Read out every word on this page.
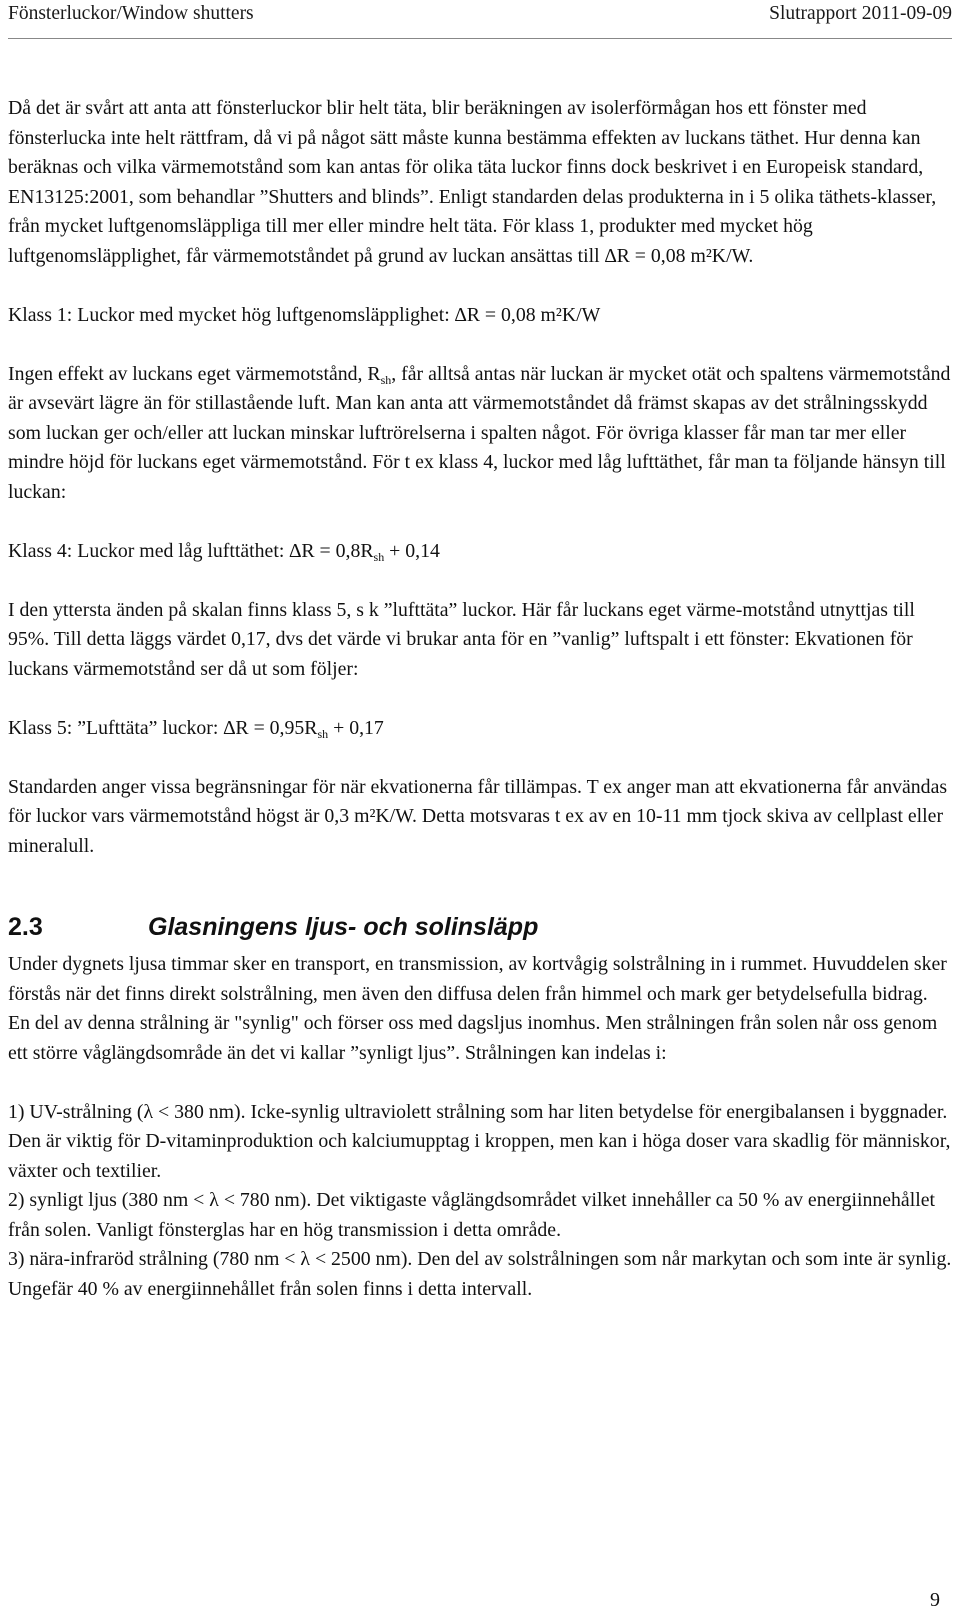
Fönsterluckor/Window shutters	Slutrapport 2011-09-09

Då det är svårt att anta att fönsterluckor blir helt täta, blir beräkningen av isolerförmågan hos ett fönster med fönsterlucka inte helt rättfram, då vi på något sätt måste kunna bestämma effekten av luckans täthet. Hur denna kan beräknas och vilka värmemotstånd som kan antas för olika täta luckor finns dock beskrivet i en Europeisk standard, EN13125:2001, som behandlar ”Shutters and blinds”. Enligt standarden delas produkterna in i 5 olika täthets-klasser, från mycket luftgenomsläppliga till mer eller mindre helt täta. För klass 1, produkter med mycket hög luftgenomsläpplighet, får värmemotståndet på grund av luckan ansättas till ∆R = 0,08 m²K/W.

Klass 1: Luckor med mycket hög luftgenomsläpplighet: ∆R = 0,08 m²K/W

Ingen effekt av luckans eget värmemotstånd, $R_{sh}$, får alltså antas när luckan är mycket otät och spaltens värmemotstånd är avsevärt lägre än för stillastående luft. Man kan anta att värmemotståndet då främst skapas av det strålningsskydd som luckan ger och/eller att luckan minskar luftrörelserna i spalten något. För övriga klasser får man tar mer eller mindre höjd för luckans eget värmemotstånd. För t ex klass 4, luckor med låg lufttäthet, får man ta följande hänsyn till luckan:

Klass 4: Luckor med låg lufttäthet: $\Delta R = 0,8R_{sh} + 0,14$

I den yttersta änden på skalan finns klass 5, s k ”lufttäta” luckor. Här får luckans eget värme-motstånd utnyttjas till 95%. Till detta läggs värdet 0,17, dvs det värde vi brukar anta för en ”vanlig” luftspalt i ett fönster: Ekvationen för luckans värmemotstånd ser då ut som följer:

Klass 5: ”Lufttäta” luckor: $\Delta R = 0,95R_{sh} + 0,17$

Standarden anger vissa begränsningar för när ekvationerna får tillämpas. T ex anger man att ekvationerna får användas för luckor vars värmemotstånd högst är 0,3 m²K/W. Detta motsvaras t ex av en 10-11 mm tjock skiva av cellplast eller mineralull.

2.3	Glasningens ljus- och solinsläpp

Under dygnets ljusa timmar sker en transport, en transmission, av kortvågig solstrålning in i rummet. Huvuddelen sker förstås när det finns direkt solstrålning, men även den diffusa delen från himmel och mark ger betydelsefulla bidrag. En del av denna strålning är "synlig" och förser oss med dagsljus inomhus. Men strålningen från solen når oss genom ett större våglängdsområde än det vi kallar ”synligt ljus”. Strålningen kan indelas i:

1) UV-strålning (λ < 380 nm). Icke-synlig ultraviolett strålning som har liten betydelse för energibalansen i byggnader. Den är viktig för D-vitaminproduktion och kalciumupptag i kroppen, men kan i höga doser vara skadlig för människor, växter och textilier.

2) synligt ljus (380 nm < λ < 780 nm). Det viktigaste våglängdsområdet vilket innehåller ca 50 % av energiinnehållet från solen. Vanligt fönsterglas har en hög transmission i detta område.

3) nära-infraröd strålning (780 nm < λ < 2500 nm). Den del av solstrålningen som når markytan och som inte är synlig. Ungefär 40 % av energiinnehållet från solen finns i detta intervall.

9
